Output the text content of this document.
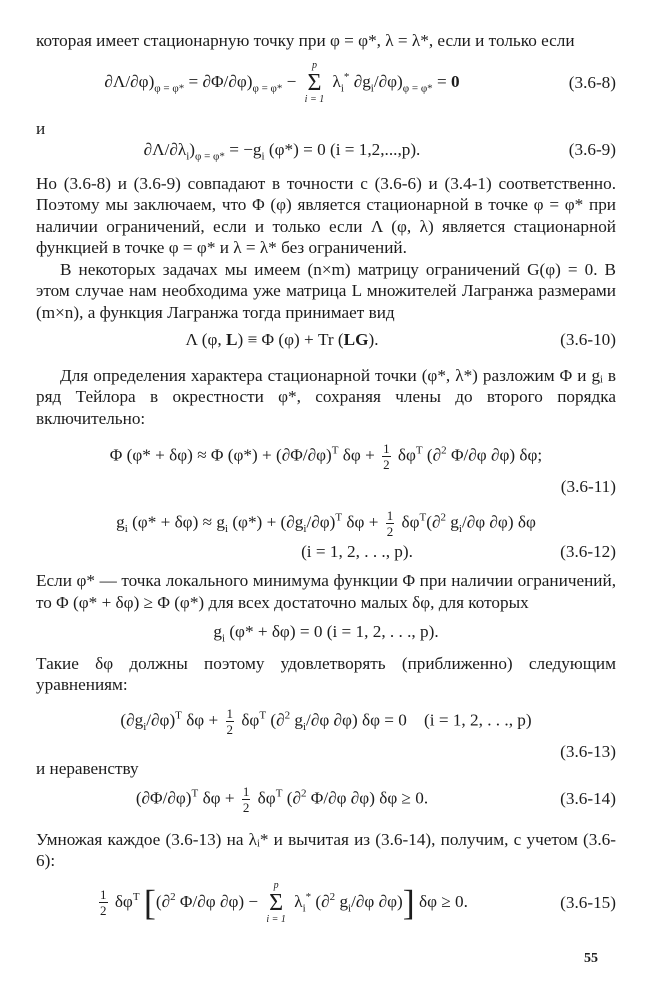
которая имеет стационарную точку при φ = φ*, λ = λ*, если и только если

$\partial\Lambda/\partial\varphi)_{\varphi = \varphi*} = \partial\Phi/\partial\varphi)_{\varphi = \varphi*}$ −
p
Σ
i = 1
$\lambda_i^*$ $\partial g_i/\partial\varphi)_{\varphi = \varphi*} = 0$	(3.6-8)

и

$\partial\Lambda/\partial\lambda_i)_{\varphi = \varphi*} = -g_i$ (φ*) = 0 (i = 1,2,...,p).	(3.6-9)

Но (3.6-8) и (3.6-9) совпадают в точности с (3.6-6) и (3.4-1) соответственно. Поэтому мы заключаем, что Φ (φ) является стационарной в точке φ = φ* при наличии ограничений, если и только если Λ (φ, λ) является стационарной функцией в точке φ = φ* и λ = λ* без ограничений.

В некоторых задачах мы имеем (n×m) матрицу ограничений G(φ) = 0. В этом случае нам необходима уже матрица L множителей Лагранжа размерами (m×n), а функция Лагранжа тогда принимает вид

Λ (φ, L) ≡ Φ (φ) + Tr (LG).	(3.6-10)

Для определения характера стационарной точки (φ*, λ*) разложим Φ и gᵢ в ряд Тейлора в окрестности φ*, сохраняя члены до второго порядка включительно:

Φ (φ* + δφ) ≈ Φ $(\varphi*) + (\partial\Phi/\partial\varphi)^T$ $\delta\varphi + \frac{1}{2} \delta\varphi^T$ (∂$^2$ Φ/∂φ ∂φ) δφ;
(3.6-11)
$g_i$ $(\varphi* + \delta\varphi) \approx g_i$ $(\varphi*) + (\partial g_i/\partial\varphi)^T$ $\delta\varphi + \frac{1}{2} \delta\varphi^T(\partial^2$ $g_i/\partial\varphi$ ∂φ) δφ
(i = 1, 2, . . ., p).	(3.6-12)

Если φ* — точка локального минимума функции Φ при наличии ограничений, то Φ (φ* + δφ) ≥ Φ (φ*) для всех достаточно малых δφ, для которых

$g_i$ (φ* + δφ) = 0 (i = 1, 2, . . ., p).

Такие δφ должны поэтому удовлетворять (приближенно) следующим уравнениям:

$(\partial g_i/\partial\varphi)^T$ $\delta\varphi + \frac{1}{2} \delta\varphi^T$ (∂$^2$ $g_i/\partial\varphi$ ∂φ) δφ = 0    (i = 1, 2, . . ., p)
(3.6-13)

и неравенству

$(\partial\Phi/\partial\varphi)^T$ $\delta\varphi + \frac{1}{2} \delta\varphi^T$ (∂$^2$ Φ/∂φ ∂φ) δφ ≥ 0.	(3.6-14)

Умножая каждое (3.6-13) на λᵢ* и вычитая из (3.6-14), получим, с учетом (3.6-6):

$\frac{1}{2} \delta\varphi^T$ [(∂$^2$ Φ/∂φ ∂φ) −
p
Σ
i = 1
$\lambda_i^*$ (∂$^2$ $g_i/\partial\varphi$ ∂φ)] δφ ≥ 0.	(3.6-15)
55
